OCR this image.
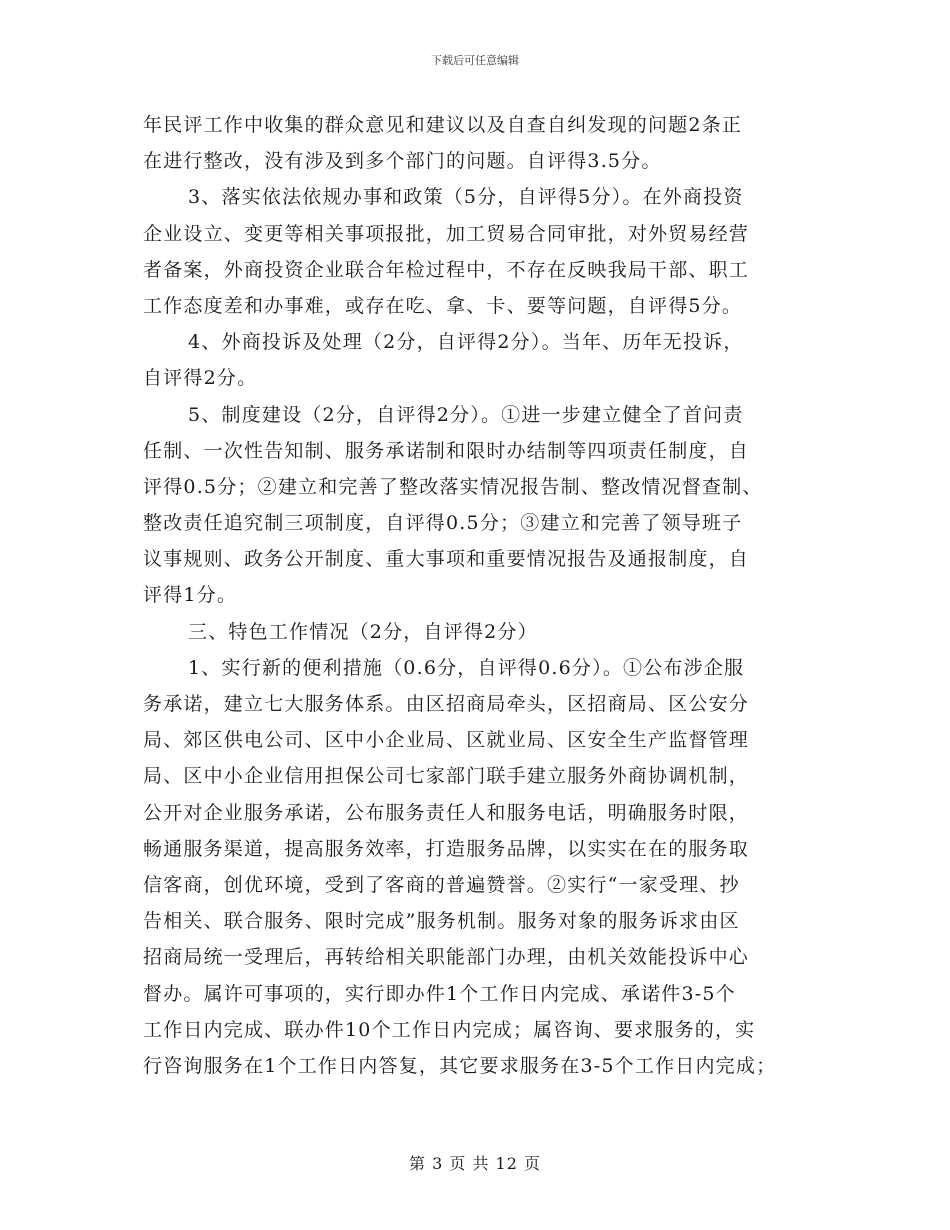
下载后可任意编辑
年民评工作中收集的群众意见和建议以及自查自纠发现的问题2条正
在进行整改，没有涉及到多个部门的问题。自评得3.5分。
3、落实依法依规办事和政策（5分，自评得5分）。在外商投资
企业设立、变更等相关事项报批，加工贸易合同审批，对外贸易经营
者备案，外商投资企业联合年检过程中，不存在反映我局干部、职工
工作态度差和办事难，或存在吃、拿、卡、要等问题，自评得5分。
4、外商投诉及处理（2分，自评得2分）。当年、历年无投诉，
自评得2分。
5、制度建设（2分，自评得2分）。①进一步建立健全了首问责
任制、一次性告知制、服务承诺制和限时办结制等四项责任制度，自
评得0.5分；②建立和完善了整改落实情况报告制、整改情况督查制、
整改责任追究制三项制度，自评得0.5分；③建立和完善了领导班子
议事规则、政务公开制度、重大事项和重要情况报告及通报制度，自
评得1分。
三、特色工作情况（2分，自评得2分）
1、实行新的便利措施（0.6分，自评得0.6分）。①公布涉企服
务承诺，建立七大服务体系。由区招商局牵头，区招商局、区公安分
局、郊区供电公司、区中小企业局、区就业局、区安全生产监督管理
局、区中小企业信用担保公司七家部门联手建立服务外商协调机制，
公开对企业服务承诺，公布服务责任人和服务电话，明确服务时限，
畅通服务渠道，提高服务效率，打造服务品牌，以实实在在的服务取
信客商，创优环境，受到了客商的普遍赞誉。②实行“一家受理、抄
告相关、联合服务、限时完成”服务机制。服务对象的服务诉求由区
招商局统一受理后，再转给相关职能部门办理，由机关效能投诉中心
督办。属许可事项的，实行即办件1个工作日内完成、承诺件3-5个
工作日内完成、联办件10个工作日内完成；属咨询、要求服务的，实
行咨询服务在1个工作日内答复，其它要求服务在3-5个工作日内完成；
第 3 页 共 12 页
